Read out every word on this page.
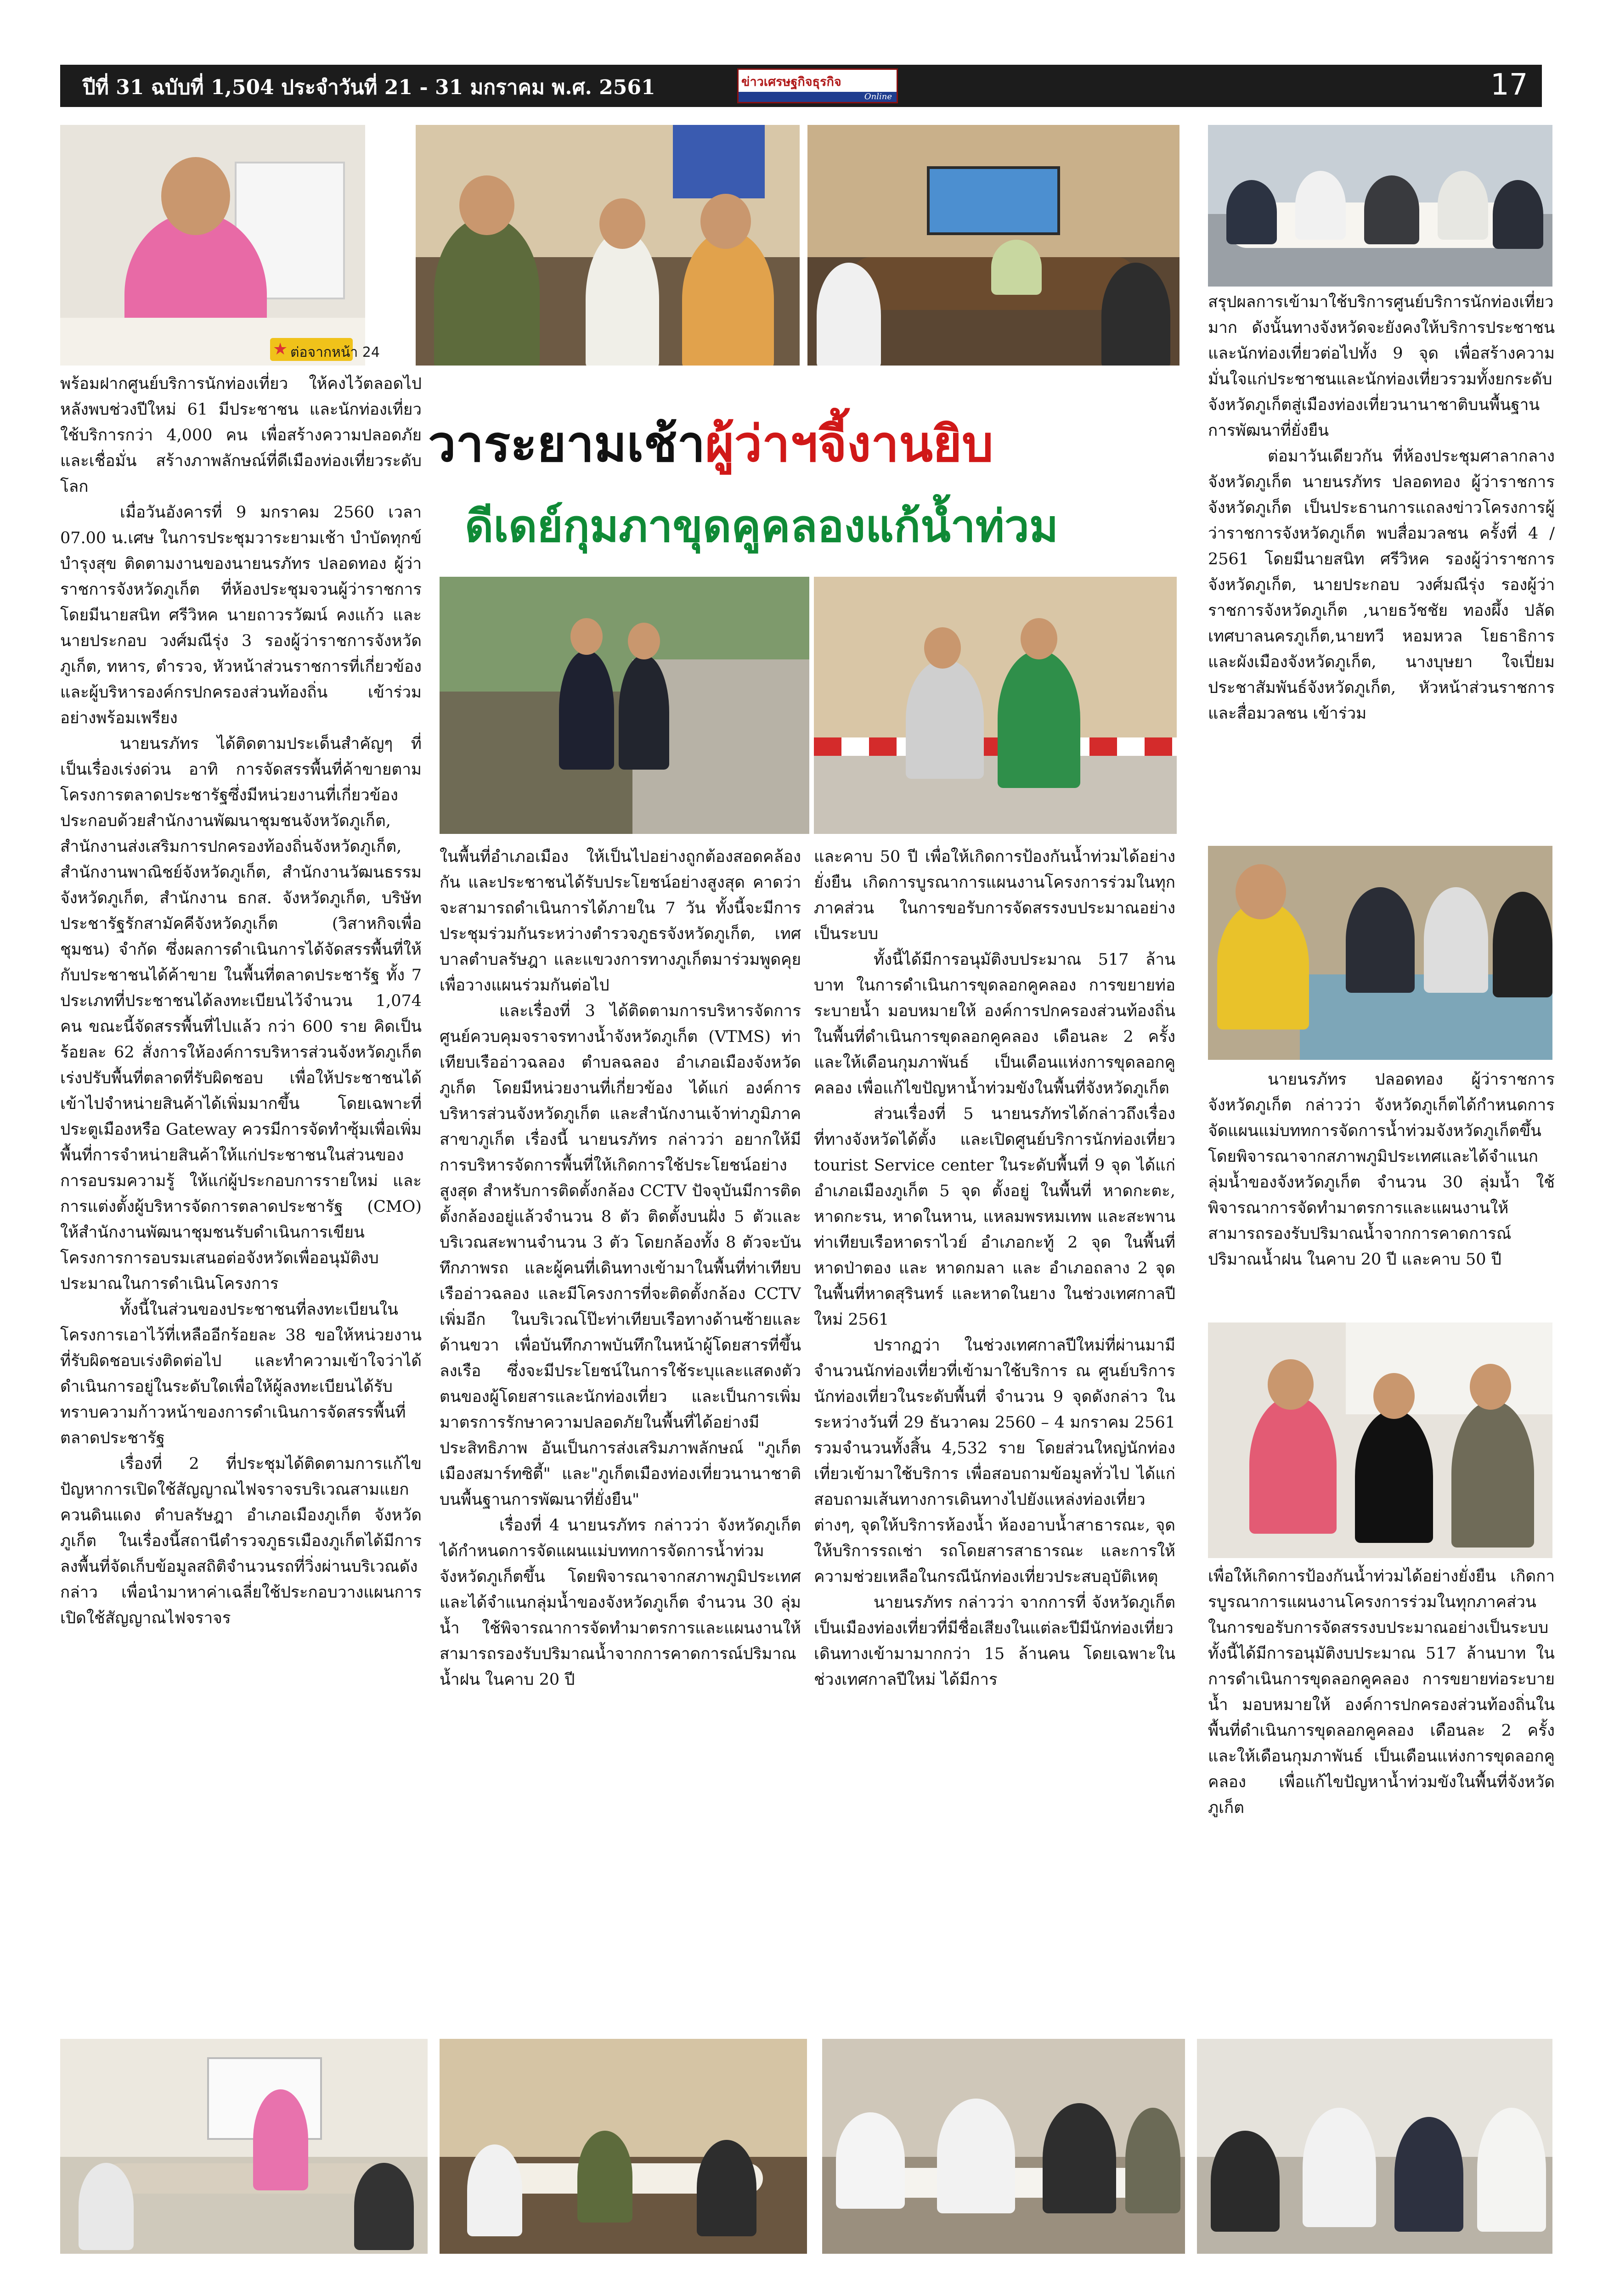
ปีที่ 31 ฉบับที่ 1,504 ประจำวันที่ 21 - 31 มกราคม พ.ศ. 2561	ข่าวเศรษฐกิจธุรกิจ
Online	17
★ ต่อจากหน้า 24
วาระยามเช้าผู้ว่าฯจี้งานยิบ
ดีเดย์กุมภาขุดคูคลองแก้น้ำท่วม

พร้อมฝากศูนย์บริการนักท่องเที่ยว ให้คงไว้ตลอดไป หลังพบช่วงปีใหม่ 61 มีประชาชน และนักท่องเที่ยวใช้บริการกว่า 4,000 คน เพื่อสร้างความปลอดภัยและเชื่อมั่น สร้างภาพลักษณ์ที่ดีเมืองท่องเที่ยวระดับโลก

เมื่อวันอังคารที่ 9 มกราคม 2560 เวลา 07.00 น.เศษ ในการประชุมวาระยามเช้า บำบัดทุกข์บำรุงสุข ติดตามงานของนายนรภัทร ปลอดทอง ผู้ว่าราชการจังหวัดภูเก็ต ที่ห้องประชุมจวนผู้ว่าราชการ โดยมีนายสนิท ศรีวิหค นายถาวรวัฒน์ คงแก้ว และนายประกอบ วงศ์มณีรุ่ง 3 รองผู้ว่าราชการจังหวัดภูเก็ต, ทหาร, ตำรวจ, หัวหน้าส่วนราชการที่เกี่ยวข้อง และผู้บริหารองค์กรปกครองส่วนท้องถิ่น เข้าร่วมอย่างพร้อมเพรียง

นายนรภัทร ได้ติดตามประเด็นสำคัญๆ ที่เป็นเรื่องเร่งด่วน อาทิ การจัดสรรพื้นที่ค้าขายตามโครงการตลาดประชารัฐซึ่งมีหน่วยงานที่เกี่ยวข้องประกอบด้วยสำนักงานพัฒนาชุมชนจังหวัดภูเก็ต, สำนักงานส่งเสริมการปกครองท้องถิ่นจังหวัดภูเก็ต, สำนักงานพาณิชย์จังหวัดภูเก็ต, สำนักงานวัฒนธรรมจังหวัดภูเก็ต, สำนักงาน ธกส. จังหวัดภูเก็ต, บริษัทประชารัฐรักสามัคคีจังหวัดภูเก็ต (วิสาหกิจเพื่อชุมชน) จำกัด ซึ่งผลการดำเนินการได้จัดสรรพื้นที่ให้กับประชาชนได้ค้าขาย ในพื้นที่ตลาดประชารัฐ ทั้ง 7 ประเภทที่ประชาชนได้ลงทะเบียนไว้จำนวน 1,074 คน ขณะนี้จัดสรรพื้นที่ไปแล้ว กว่า 600 ราย คิดเป็นร้อยละ 62 สั่งการให้องค์การบริหารส่วนจังหวัดภูเก็ตเร่งปรับพื้นที่ตลาดที่รับผิดชอบ เพื่อให้ประชาชนได้เข้าไปจำหน่ายสินค้าได้เพิ่มมากขึ้น โดยเฉพาะที่ประตูเมืองหรือ Gateway ควรมีการจัดทำซุ้มเพื่อเพิ่มพื้นที่การจำหน่ายสินค้าให้แก่ประชาชนในส่วนของการอบรมความรู้ ให้แก่ผู้ประกอบการรายใหม่ และการแต่งตั้งผู้บริหารจัดการตลาดประชารัฐ (CMO) ให้สำนักงานพัฒนาชุมชนรับดำเนินการเขียนโครงการการอบรมเสนอต่อจังหวัดเพื่ออนุมัติงบประมาณในการดำเนินโครงการ

ทั้งนี้ในส่วนของประชาชนที่ลงทะเบียนในโครงการเอาไว้ที่เหลืออีกร้อยละ 38 ขอให้หน่วยงานที่รับผิดชอบเร่งติดต่อไป และทำความเข้าใจว่าได้ดำเนินการอยู่ในระดับใดเพื่อให้ผู้ลงทะเบียนได้รับทราบความก้าวหน้าของการดำเนินการจัดสรรพื้นที่ตลาดประชารัฐ

เรื่องที่ 2 ที่ประชุมได้ติดตามการแก้ไขปัญหาการเปิดใช้สัญญาณไฟจราจรบริเวณสามแยกควนดินแดง ตำบลรัษฎา อำเภอเมืองภูเก็ต จังหวัดภูเก็ต ในเรื่องนี้สถานีตำรวจภูธรเมืองภูเก็ตได้มีการลงพื้นที่จัดเก็บข้อมูลสถิติจำนวนรถที่วิ่งผ่านบริเวณดังกล่าว เพื่อนำมาหาค่าเฉลี่ยใช้ประกอบวางแผนการเปิดใช้สัญญาณไฟจราจร

ในพื้นที่อำเภอเมือง ให้เป็นไปอย่างถูกต้องสอดคล้องกัน และประชาชนได้รับประโยชน์อย่างสูงสุด คาดว่าจะสามารถดำเนินการได้ภายใน 7 วัน ทั้งนี้จะมีการประชุมร่วมกันระหว่างตำรวจภูธรจังหวัดภูเก็ต, เทศบาลตำบลรัษฎา และแขวงการทางภูเก็ตมาร่วมพูดคุยเพื่อวางแผนร่วมกันต่อไป

และเรื่องที่ 3 ได้ติดตามการบริหารจัดการศูนย์ควบคุมจราจรทางน้ำจังหวัดภูเก็ต (VTMS) ท่าเทียบเรืออ่าวฉลอง ตำบลฉลอง อำเภอเมืองจังหวัดภูเก็ต โดยมีหน่วยงานที่เกี่ยวข้อง ได้แก่ องค์การบริหารส่วนจังหวัดภูเก็ต และสำนักงานเจ้าท่าภูมิภาคสาขาภูเก็ต เรื่องนี้ นายนรภัทร กล่าวว่า อยากให้มีการบริหารจัดการพื้นที่ให้เกิดการใช้ประโยชน์อย่างสูงสุด สำหรับการติดตั้งกล้อง CCTV ปัจจุบันมีการติดตั้งกล้องอยู่แล้วจำนวน 8 ตัว ติดตั้งบนฝั่ง 5 ตัวและบริเวณสะพานจำนวน 3 ตัว โดยกล้องทั้ง 8 ตัวจะบันทึกภาพรถ และผู้คนที่เดินทางเข้ามาในพื้นที่ท่าเทียบเรืออ่าวฉลอง และมีโครงการที่จะติดตั้งกล้อง CCTV เพิ่มอีก ในบริเวณโป๊ะท่าเทียบเรือทางด้านซ้ายและด้านขวา เพื่อบันทึกภาพบันทึกในหน้าผู้โดยสารที่ขึ้นลงเรือ ซึ่งจะมีประโยชน์ในการใช้ระบุและแสดงตัวตนของผู้โดยสารและนักท่องเที่ยว และเป็นการเพิ่ม มาตรการรักษาความปลอดภัยในพื้นที่ได้อย่างมีประสิทธิภาพ อันเป็นการส่งเสริมภาพลักษณ์ "ภูเก็ตเมืองสมาร์ทซิตี้" และ"ภูเก็ตเมืองท่องเที่ยวนานาชาติ บนพื้นฐานการพัฒนาที่ยั่งยืน"

เรื่องที่ 4 นายนรภัทร กล่าวว่า จังหวัดภูเก็ตได้กำหนดการจัดแผนแม่บททการจัดการน้ำท่วมจังหวัดภูเก็ตขึ้น โดยพิจารณาจากสภาพภูมิประเทศและได้จำแนกลุ่มน้ำของจังหวัดภูเก็ต จำนวน 30 ลุ่มน้ำ ใช้พิจารณาการจัดทำมาตรการและแผนงานให้สามารถรองรับปริมาณน้ำจากการคาดการณ์ปริมาณน้ำฝน ในคาบ 20 ปี

และคาบ 50 ปี เพื่อให้เกิดการป้องกันน้ำท่วมได้อย่างยั่งยืน เกิดการบูรณาการแผนงานโครงการร่วมในทุกภาคส่วน ในการขอรับการจัดสรรงบประมาณอย่างเป็นระบบ

ทั้งนี้ได้มีการอนุมัติงบประมาณ 517 ล้านบาท ในการดำเนินการขุดลอกคูคลอง การขยายท่อระบายน้ำ มอบหมายให้ องค์การปกครองส่วนท้องถิ่นในพื้นที่ดำเนินการขุดลอกคูคลอง เดือนละ 2 ครั้ง และให้เดือนกุมภาพันธ์ เป็นเดือนแห่งการขุดลอกคูคลอง เพื่อแก้ไขปัญหาน้ำท่วมขังในพื้นที่จังหวัดภูเก็ต

ส่วนเรื่องที่ 5 นายนรภัทรได้กล่าวถึงเรื่องที่ทางจังหวัดได้ตั้ง และเปิดศูนย์บริการนักท่องเที่ยว tourist Service center ในระดับพื้นที่ 9 จุด ได้แก่ อำเภอเมืองภูเก็ต 5 จุด ตั้งอยู่ ในพื้นที่ หาดกะตะ, หาดกะรน, หาดในหาน, แหลมพรหมเทพ และสะพานท่าเทียบเรือหาดราไวย์ อำเภอกะทู้ 2 จุด ในพื้นที่ หาดป่าตอง และ หาดกมลา และ อำเภอถลาง 2 จุดในพื้นที่หาดสุรินทร์ และหาดในยาง ในช่วงเทศกาลปีใหม่ 2561

ปรากฏว่า ในช่วงเทศกาลปีใหม่ที่ผ่านมามีจำนวนนักท่องเที่ยวที่เข้ามาใช้บริการ ณ ศูนย์บริการนักท่องเที่ยวในระดับพื้นที่ จำนวน 9 จุดดังกล่าว ในระหว่างวันที่ 29 ธันวาคม 2560 – 4 มกราคม 2561 รวมจำนวนทั้งสิ้น 4,532 ราย โดยส่วนใหญ่นักท่องเที่ยวเข้ามาใช้บริการ เพื่อสอบถามข้อมูลทั่วไป ได้แก่ สอบถามเส้นทางการเดินทางไปยังแหล่งท่องเที่ยวต่างๆ, จุดให้บริการห้องน้ำ ห้องอาบน้ำสาธารณะ, จุดให้บริการรถเช่า รถโดยสารสาธารณะ และการให้ความช่วยเหลือในกรณีนักท่องเที่ยวประสบอุบัติเหตุ

นายนรภัทร กล่าวว่า จากการที่ จังหวัดภูเก็ต เป็นเมืองท่องเที่ยวที่มีชื่อเสียงในแต่ละปีมีนักท่องเที่ยวเดินทางเข้ามามากกว่า 15 ล้านคน โดยเฉพาะในช่วงเทศกาลปีใหม่ ได้มีการ

สรุปผลการเข้ามาใช้บริการศูนย์บริการนักท่องเที่ยวมาก ดังนั้นทางจังหวัดจะยังคงให้บริการประชาชนและนักท่องเที่ยวต่อไปทั้ง 9 จุด เพื่อสร้างความมั่นใจแก่ประชาชนและนักท่องเที่ยวรวมทั้งยกระดับจังหวัดภูเก็ตสู่เมืองท่องเที่ยวนานาชาติบนพื้นฐานการพัฒนาที่ยั่งยืน

ต่อมาวันเดียวกัน ที่ห้องประชุมศาลากลางจังหวัดภูเก็ต นายนรภัทร ปลอดทอง ผู้ว่าราชการจังหวัดภูเก็ต เป็นประธานการแถลงข่าวโครงการผู้ว่าราชการจังหวัดภูเก็ต พบสื่อมวลชน ครั้งที่ 4 / 2561 โดยมีนายสนิท ศรีวิหค รองผู้ว่าราชการจังหวัดภูเก็ต, นายประกอบ วงศ์มณีรุ่ง รองผู้ว่าราชการจังหวัดภูเก็ต ,นายธวัชชัย ทองผึ้ง ปลัดเทศบาลนครภูเก็ต,นายทวี หอมหวล โยธาธิการและผังเมืองจังหวัดภูเก็ต, นางบุษยา ใจเปี่ยม ประชาสัมพันธ์จังหวัดภูเก็ต, หัวหน้าส่วนราชการและสื่อมวลชน เข้าร่วม

นายนรภัทร ปลอดทอง ผู้ว่าราชการจังหวัดภูเก็ต กล่าวว่า จังหวัดภูเก็ตได้กำหนดการจัดแผนแม่บททการจัดการน้ำท่วมจังหวัดภูเก็ตขึ้นโดยพิจารณาจากสภาพภูมิประเทศและได้จำแนกลุ่มน้ำของจังหวัดภูเก็ต จำนวน 30 ลุ่มน้ำ ใช้พิจารณาการจัดทำมาตรการและแผนงานให้สามารถรองรับปริมาณน้ำจากการคาดการณ์ปริมาณน้ำฝน ในคาบ 20 ปี และคาบ 50 ปี

เพื่อให้เกิดการป้องกันน้ำท่วมได้อย่างยั่งยืน เกิดการบูรณาการแผนงานโครงการร่วมในทุกภาคส่วน ในการขอรับการจัดสรรงบประมาณอย่างเป็นระบบ ทั้งนี้ได้มีการอนุมัติงบประมาณ 517 ล้านบาท ในการดำเนินการขุดลอกคูคลอง การขยายท่อระบายน้ำ มอบหมายให้ องค์การปกครองส่วนท้องถิ่นในพื้นที่ดำเนินการขุดลอกคูคลอง เดือนละ 2 ครั้ง และให้เดือนกุมภาพันธ์ เป็นเดือนแห่งการขุดลอกคูคลอง เพื่อแก้ไขปัญหาน้ำท่วมขังในพื้นที่จังหวัดภูเก็ต
